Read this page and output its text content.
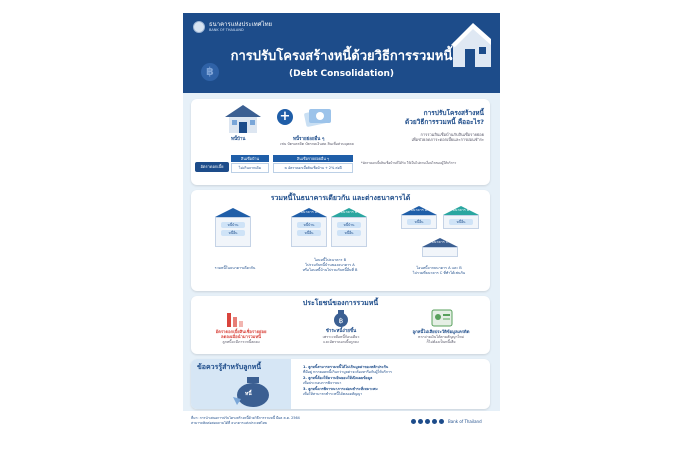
ธนาคารแห่งประเทศไทย
BANK OF THAILAND
การปรับโครงสร้างหนี้ด้วยวิธีการรวมหนี้
(Debt Consolidation)
฿
หนี้บ้าน
+
หนี้รายย่อยอื่น ๆ
เช่น บัตรเครดิต บัตรกดเงินสด สินเชื่อส่วนบุคคล
การปรับโครงสร้างหนี้
ด้วยวิธีการรวมหนี้ คืออะไร?
การรวมสินเชื่อบ้านกับสินเชื่อรายย่อย
เพื่อช่วยลดภาระดอกเบี้ยและการผ่อนชำระ
อัตราดอกเบี้ย
สินเชื่อบ้าน
ไม่เกินจากเดิม
สินเชื่อรายย่อยอื่น ๆ
≤ อัตราดอกเบี้ยสินเชื่อบ้าน + 2% ต่อปี
*อัตราดอกเบี้ยสินเชื่อบ้านที่ได้รับ ให้เป็นไปตามเงื่อนไขของผู้ให้บริการ
รวมหนี้ในธนาคารเดียวกัน และต่างธนาคารได้
หนี้บ้าน
หนี้อื่น
รวมหนี้ในธนาคารเดียวกัน
ธนาคาร A
หนี้บ้าน
หนี้อื่น
ธนาคาร B
หนี้บ้าน
หนี้อื่น
โอนหนี้ไปธนาคาร B
ไปรวมกับหนี้บ้านของธนาคาร A
หรือโอนหนี้บ้านไปรวมกับหนี้อื่นที่ B
ธนาคาร A
หนี้อื่น
ธนาคาร B
หนี้อื่น
ธนาคาร C
โอนหนี้จากธนาคาร A และ B
ไปรวมที่ธนาคาร C ที่ทำได้เช่นกัน
ประโยชน์ของการรวมหนี้
อัตราดอกเบี้ยสินเชื่อรายย่อย
ลดลงเมื่อนำมารวมหนี้
ลูกหนี้จะมีภาระหนี้ลดลง
฿
ชำระหนี้ง่ายขึ้น
เพราะเหลือหนี้ก้อนเดียว
และอัตราดอกเบี้ยถูกลง
ลูกหนี้ไม่เสียประวัติข้อมูลเครดิต
หากจ่ายเงินได้ตามสัญญาใหม่
ก็ไม่ต้องเป็นหนี้เสีย
ข้อควรรู้สำหรับลูกหนี้
หนี้
1. ลูกหนี้สามารถรวมหนี้ได้ไม่เกินมูลค่าของหลักประกัน
ที่มีอยู่ หากยอดหนี้เกินกว่ามูลค่าจะต้องหารือกับผู้ให้บริการ
2. ลูกหนี้ต้องให้ความยินยอมให้เปิดเผยข้อมูล
เพื่อประกอบการพิจารณา
3. ลูกหนี้ควรพิจารณาภาระผ่อนชำระที่เหมาะสม
เพื่อให้สามารถชำระหนี้ได้ตลอดสัญญา
ที่มา: การนำเสนอการปรับโครงสร้างหนี้ด้วยวิธีการรวมหนี้ มีผล ต.ค. 2564
สามารถติดต่อสอบถามได้ที่ ธนาคารแห่งประเทศไทย	Bank of Thailand
